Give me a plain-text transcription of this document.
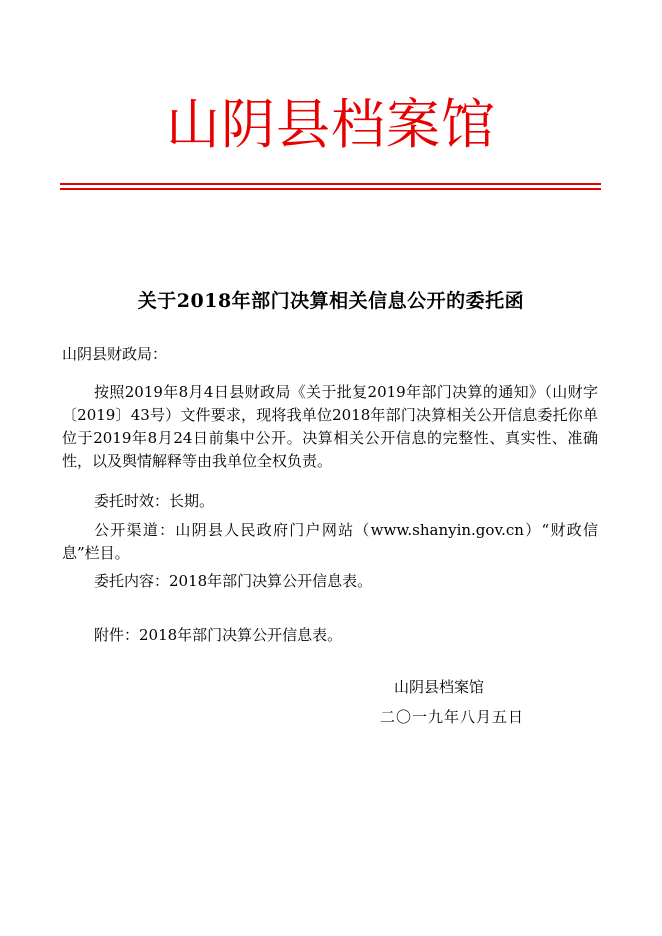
山阴县档案馆
关于2018年部门决算相关信息公开的委托函
山阴县财政局：
按照2019年8月4日县财政局《关于批复2019年部门决算的通知》（山财字〔2019〕43号）文件要求，现将我单位2018年部门决算相关公开信息委托你单位于2019年8月24日前集中公开。决算相关公开信息的完整性、真实性、准确性，以及舆情解释等由我单位全权负责。
委托时效：长期。
公开渠道：山阴县人民政府门户网站（www.shanyin.gov.cn）“财政信息”栏目。
委托内容：2018年部门决算公开信息表。
附件：2018年部门决算公开信息表。
山阴县档案馆
二〇一九年八月五日
